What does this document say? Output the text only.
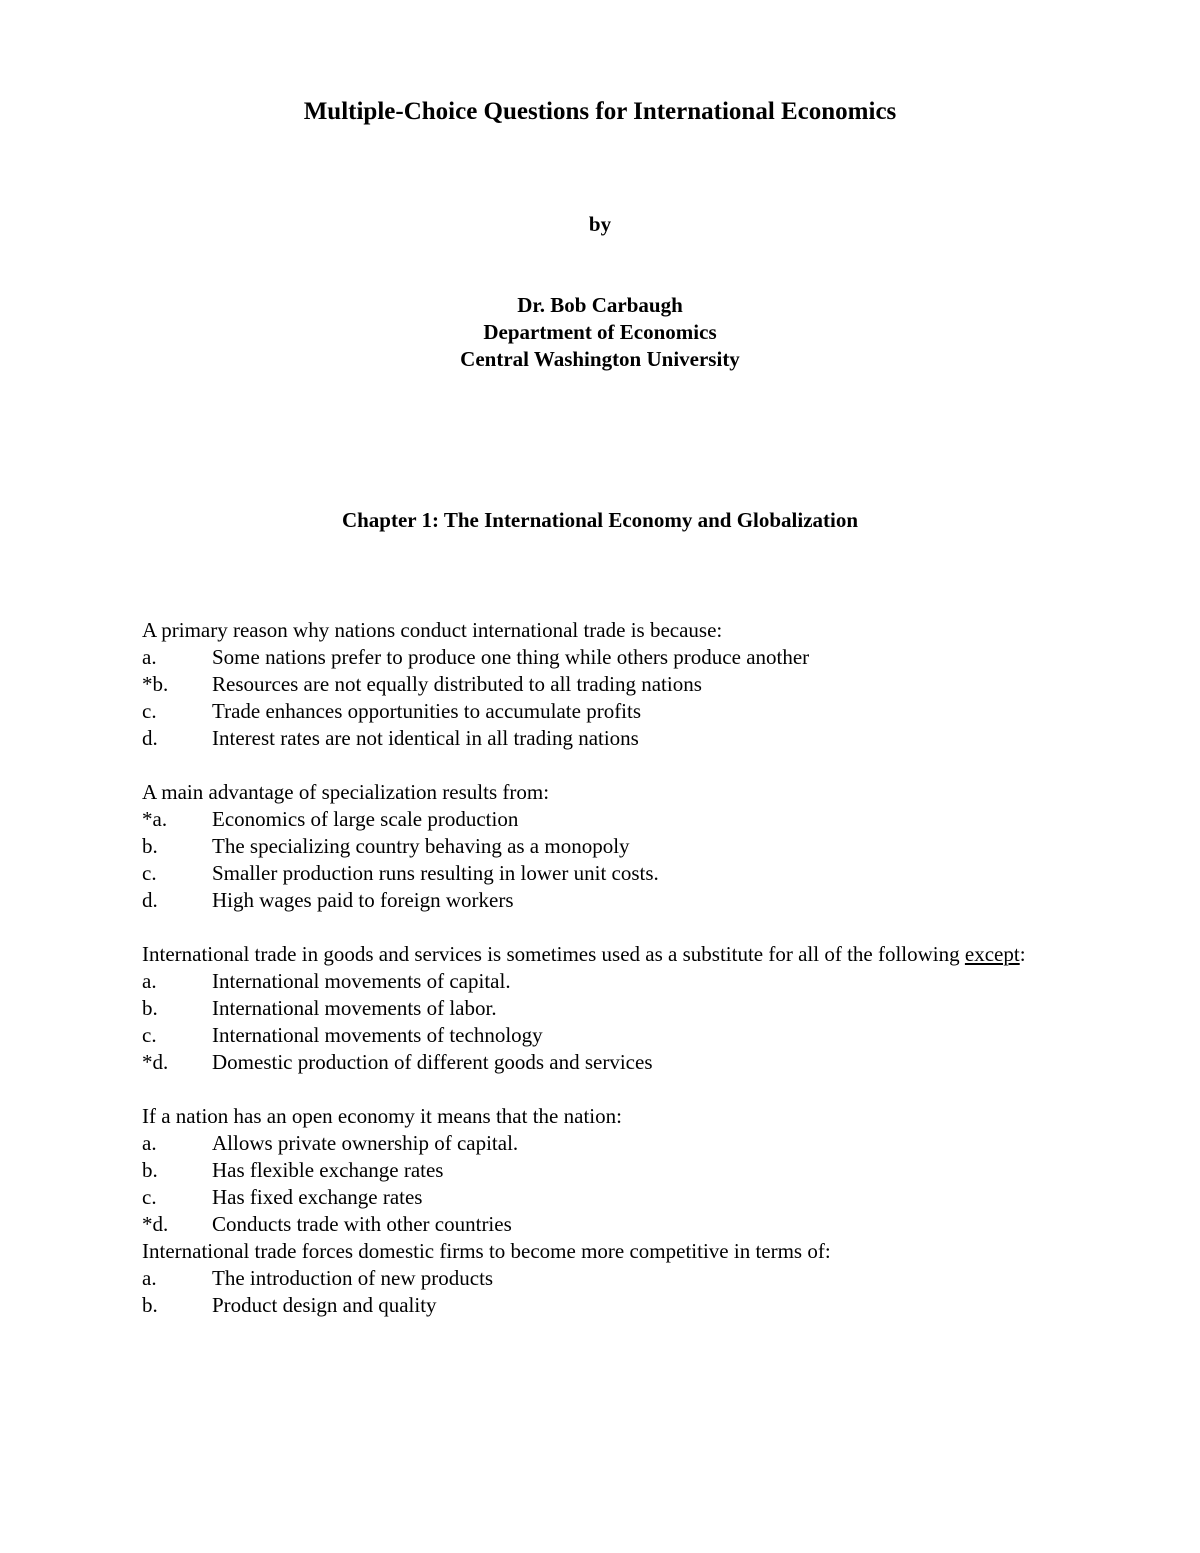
Multiple-Choice Questions for International Economics
by
Dr. Bob Carbaugh
Department of Economics
Central Washington University
Chapter 1: The International Economy and Globalization
A primary reason why nations conduct international trade is because:
a.	Some nations prefer to produce one thing while others produce another
*b.	Resources are not equally distributed to all trading nations
c.	Trade enhances opportunities to accumulate profits
d.	Interest rates are not identical in all trading nations
A main advantage of specialization results from:
*a.	Economics of large scale production
b.	The specializing country behaving as a monopoly
c.	Smaller production runs resulting in lower unit costs.
d.	High wages paid to foreign workers
International trade in goods and services is sometimes used as a substitute for all of the following except:
a.	International movements of capital.
b.	International movements of labor.
c.	International movements of technology
*d.	Domestic production of different goods and services
If a nation has an open economy it means that the nation:
a.	Allows private ownership of capital.
b.	Has flexible exchange rates
c.	Has fixed exchange rates
*d.	Conducts trade with other countries
International trade forces domestic firms to become more competitive in terms of:
a.	The introduction of new products
b.	Product design and quality
